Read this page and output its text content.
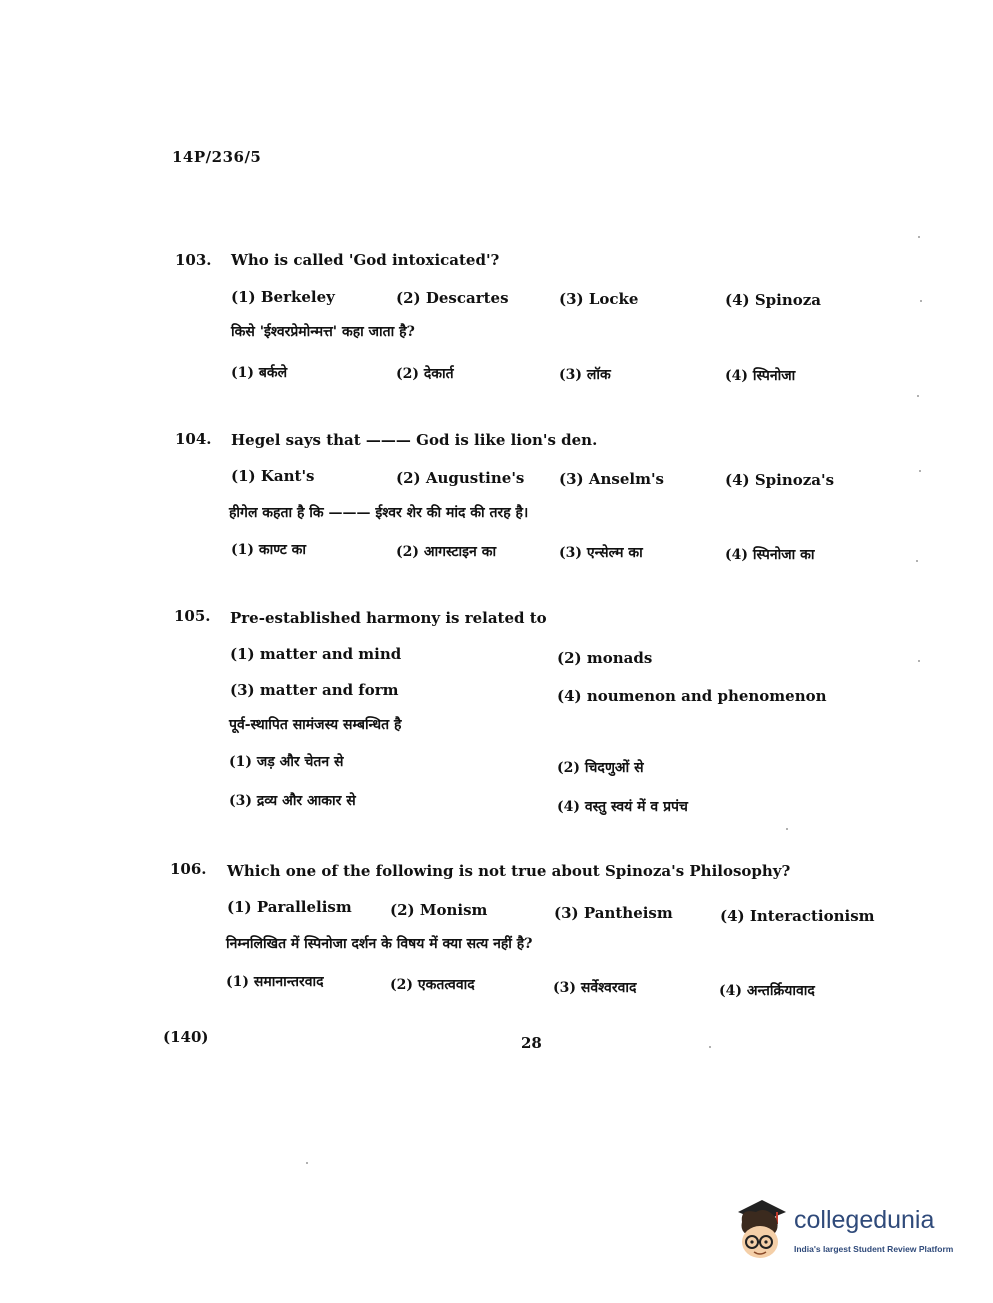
14P/236/5
103. Who is called 'God intoxicated'?
(1) Berkeley	(2) Descartes	(3) Locke	(4) Spinoza
किसे 'ईश्वरप्रेमोन्मत्त' कहा जाता है?
(1) बर्कले	(2) देकार्त	(3) लॉक	(4) स्पिनोजा
104. Hegel says that ——— God is like lion's den.
(1) Kant's	(2) Augustine's (3) Anselm's	(4) Spinoza's
हीगेल कहता है कि ——— ईश्वर शेर की मांद की तरह है।
(1) काण्ट का	(2) आगस्टाइन का	(3) एन्सेल्म का	(4) स्पिनोजा का
105. Pre-established harmony is related to
(1) matter and mind	(2) monads
(3) matter and form	(4) noumenon and phenomenon
पूर्व-स्थापित सामंजस्य सम्बन्धित है
(1) जड़ और चेतन से	(2) चिदणुओं से
(3) द्रव्य और आकार से	(4) वस्तु स्वयं में व प्रपंच
106. Which one of the following is not true about Spinoza's Philosophy?
(1) Parallelism	(2) Monism	(3) Pantheism	(4) Interactionism
निम्नलिखित में स्पिनोजा दर्शन के विषय में क्या सत्य नहीं है?
(1) समानान्तरवाद	(2) एकतत्ववाद	(3) सर्वेश्वरवाद	(4) अन्तर्क्रियावाद
(140)	28
collegedunia
India's largest Student Review Platform
